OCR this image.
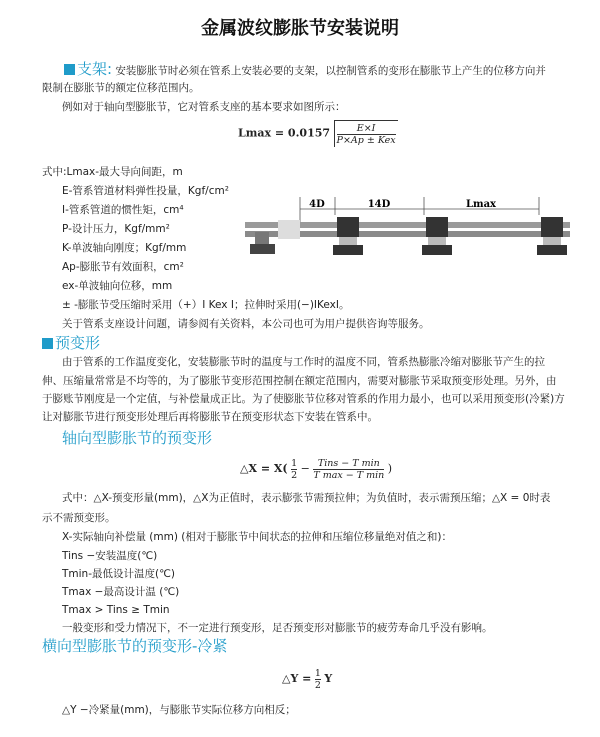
金属波纹膨胀节安装说明
支架: 安装膨胀节时必须在管系上安装必要的支架，以控制管系的变形在膨胀节上产生的位移方向并
限制在膨胀节的额定位移范围内。
例如对于轴向型膨胀节，它对管系支座的基本要求如图所示：
$Lmax = 0.0157 \frac{E\times I}{\text{P×Ap ± Kex}}$
式中:Lmax-最大导向间距，m
E-管系管道材料弹性投量，Kgf/cm²
I-管系管道的惯性矩，cm⁴
P-设计压力，Kgf/mm²
K-单波轴向刚度；Kgf/mm
Ap-膨胀节有效面积，cm²
ex-单波轴向位移，mm
± -膨胀节受压缩时采用（+）I Kex I；拉伸时采用(−)IKexI。
关于管系支座设计问题，请参阅有关资料，本公司也可为用户提供咨询等服务。
4D	14D	Lmax
预变形
由于管系的工作温度变化，安装膨胀节时的温度与工作时的温度不同，管系热膨胀冷缩对膨胀节产生的拉
伸、压缩量常常是不均等的，为了膨胀节变形范围控制在额定范围内，需要对膨胀节采取预变形处理。另外，由
于膨账节刚度是一个定值，与补偿量成正比。为了使膨胀节位移对管系的作用力最小，也可以采用预变形(冷紧)方
让对膨胀节进行预变形处理后再将膨胀节在预变形状态下安装在管系中。
轴向型膨胀节的预变形
△X = $X( \frac{1}{2} - \frac{\text{Tins − T min}}{\text{T max − T min}}$ )
式中：△X-预变形量(mm)，△X为正值时，表示膨张节需预拉伸；为负值时，表示需预压缩；△X = 0时表
示不需预变形。
X-实际轴向补偿量 (mm) (相对于膨胀节中间状态的拉伸和压缩位移量绝对值之和)：
Tins −安装温度(℃)
Tmin-最低设计温度(℃)
Tmax −最高设计温 (℃)
Tmax > Tins ≥ Tmin
一般变形和受力情况下，不一定进行预变形，足否预变形对膨胀节的疲劳寿命几乎没有影响。
横向型膨胀节的预变形-冷紧
△Y = $\frac{1}{2}$ Y
△Y −冷紧量(mm)，与膨胀节实际位移方向相反；
